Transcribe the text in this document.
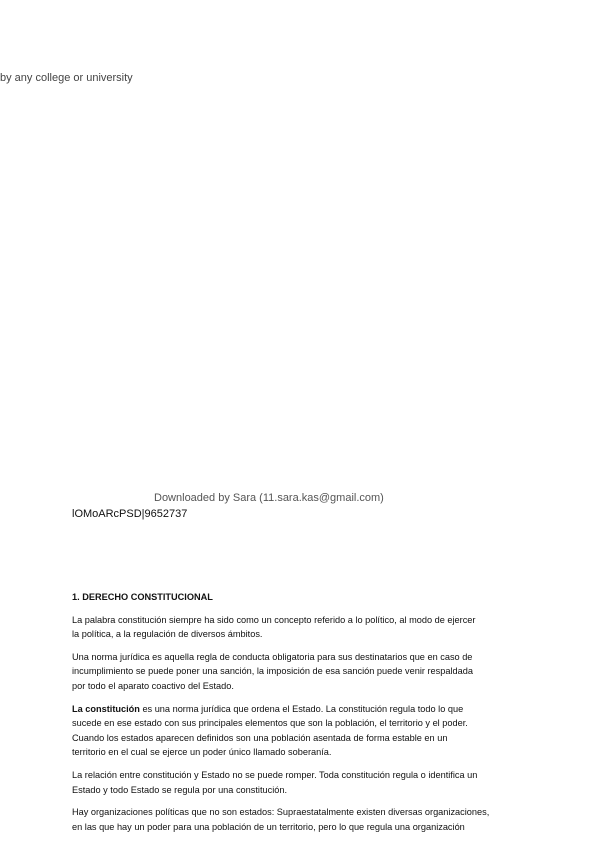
by any college or university
Downloaded by Sara (11.sara.kas@gmail.com)
lOMoARcPSD|9652737
1. DERECHO CONSTITUCIONAL
La palabra constitución siempre ha sido como un concepto referido a lo político, al modo de ejercer
la política, a la regulación de diversos ámbitos.
Una norma jurídica es aquella regla de conducta obligatoria para sus destinatarios que en caso de
incumplimiento se puede poner una sanción, la imposición de esa sanción puede venir respaldada
por todo el aparato coactivo del Estado.
La constitución es una norma jurídica que ordena el Estado. La constitución regula todo lo que
sucede en ese estado con sus principales elementos que son la población, el territorio y el poder.
Cuando los estados aparecen definidos son una población asentada de forma estable en un
territorio en el cual se ejerce un poder único llamado soberanía.
La relación entre constitución y Estado no se puede romper. Toda constitución regula o identifica un
Estado y todo Estado se regula por una constitución.
Hay organizaciones políticas que no son estados: Supraestatalmente existen diversas organizaciones,
en las que hay un poder para una población de un territorio, pero lo que regula una organización
